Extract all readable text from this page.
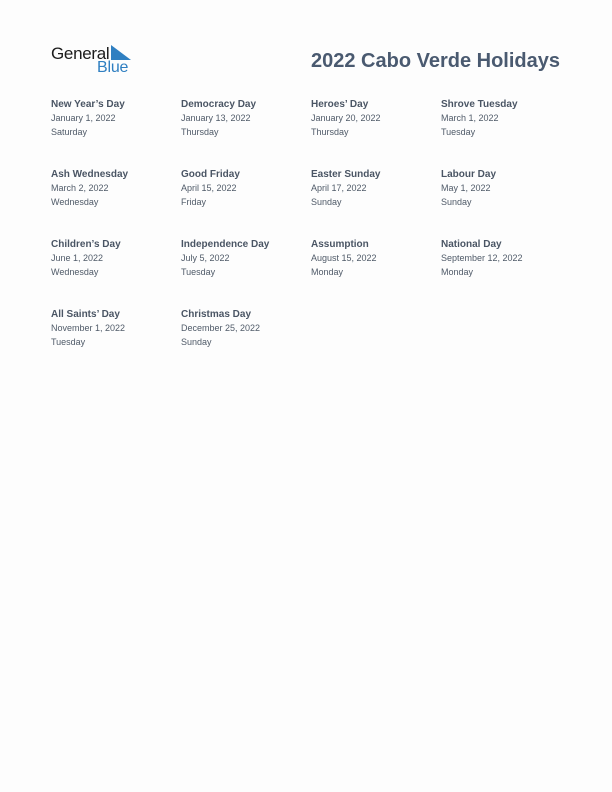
General
Blue	2022 Cabo Verde Holidays
New Year’s Day
January 1, 2022
Saturday
Democracy Day
January 13, 2022
Thursday
Heroes’ Day
January 20, 2022
Thursday
Shrove Tuesday
March 1, 2022
Tuesday
Ash Wednesday
March 2, 2022
Wednesday
Good Friday
April 15, 2022
Friday
Easter Sunday
April 17, 2022
Sunday
Labour Day
May 1, 2022
Sunday
Children’s Day
June 1, 2022
Wednesday
Independence Day
July 5, 2022
Tuesday
Assumption
August 15, 2022
Monday
National Day
September 12, 2022
Monday
All Saints’ Day
November 1, 2022
Tuesday
Christmas Day
December 25, 2022
Sunday
